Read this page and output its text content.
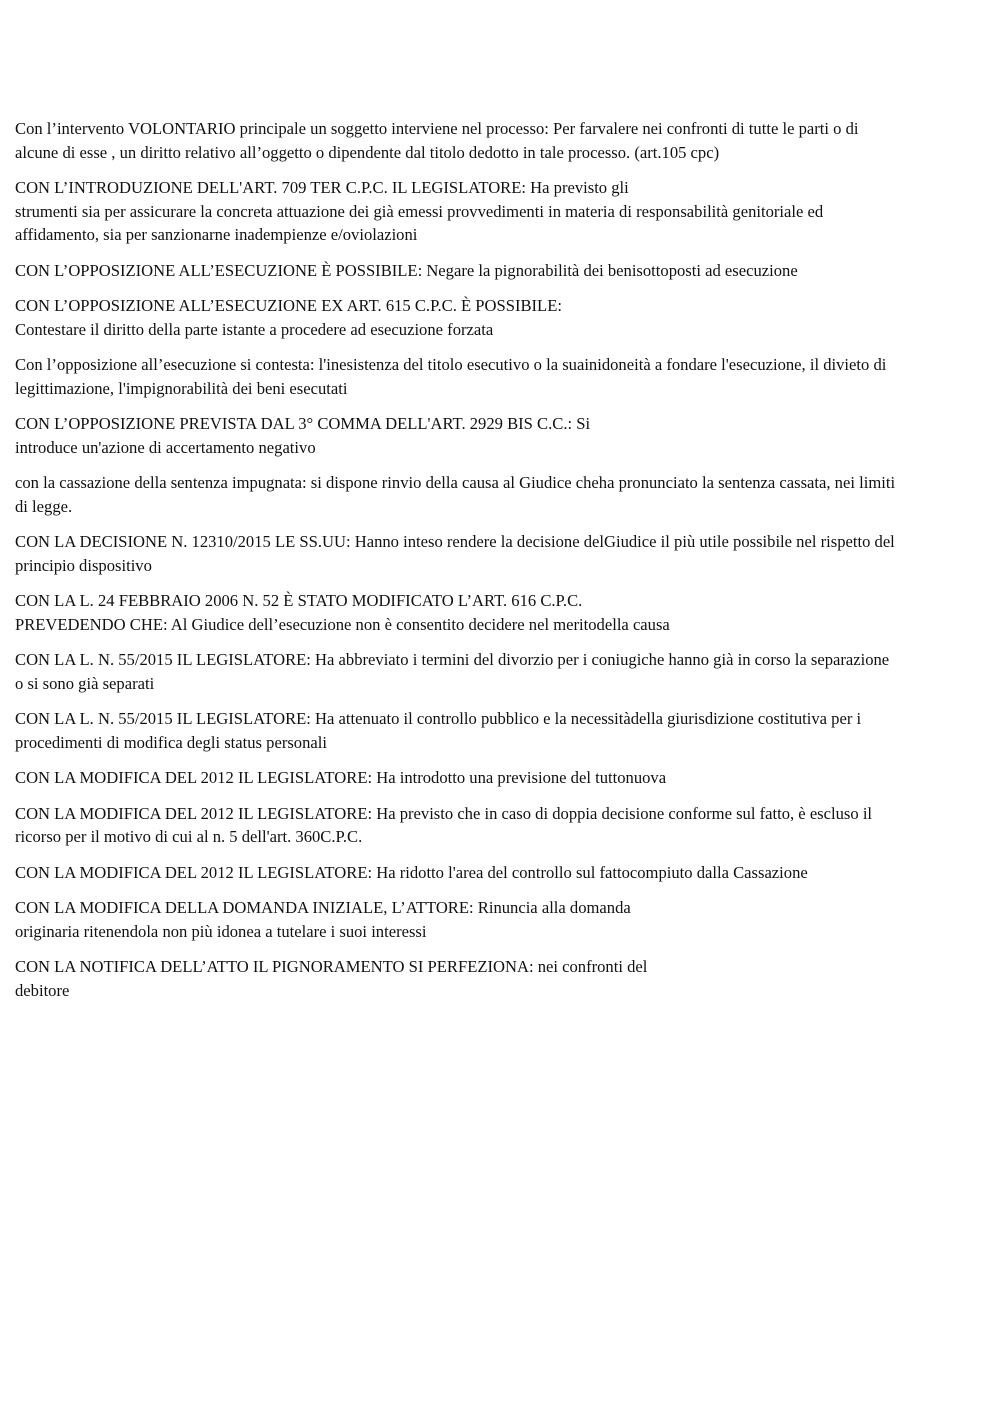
Con l’intervento VOLONTARIO principale un soggetto interviene nel processo: Per farvalere nei confronti di tutte le parti o di
alcune di esse , un diritto relativo all’oggetto o dipendente dal titolo dedotto in tale processo. (art.105 cpc)

CON L’INTRODUZIONE DELL'ART. 709 TER C.P.C. IL LEGISLATORE: Ha previsto gli
strumenti sia per assicurare la concreta attuazione dei già emessi provvedimenti in materia di responsabilità genitoriale ed
affidamento, sia per sanzionarne inadempienze e/oviolazioni

CON L’OPPOSIZIONE ALL’ESECUZIONE È POSSIBILE: Negare la pignorabilità dei benisottoposti ad esecuzione

CON L’OPPOSIZIONE ALL’ESECUZIONE EX ART. 615 C.P.C. È POSSIBILE:
Contestare il diritto della parte istante a procedere ad esecuzione forzata

Con l’opposizione all’esecuzione si contesta: l'inesistenza del titolo esecutivo o la suainidoneità a fondare l'esecuzione, il divieto di
legittimazione, l'impignorabilità dei beni esecutati

CON L’OPPOSIZIONE PREVISTA DAL 3° COMMA DELL'ART. 2929 BIS C.C.: Si
introduce un'azione di accertamento negativo

con la cassazione della sentenza impugnata: si dispone rinvio della causa al Giudice cheha pronunciato la sentenza cassata, nei limiti
di legge.

CON LA DECISIONE N. 12310/2015 LE SS.UU: Hanno inteso rendere la decisione delGiudice il più utile possibile nel rispetto del
principio dispositivo

CON LA L. 24 FEBBRAIO 2006 N. 52 È STATO MODIFICATO L’ART. 616 C.P.C.
PREVEDENDO CHE: Al Giudice dell’esecuzione non è consentito decidere nel meritodella causa

CON LA L. N. 55/2015 IL LEGISLATORE: Ha abbreviato i termini del divorzio per i coniugiche hanno già in corso la separazione
o si sono già separati

CON LA L. N. 55/2015 IL LEGISLATORE: Ha attenuato il controllo pubblico e la necessitàdella giurisdizione costitutiva per i
procedimenti di modifica degli status personali

CON LA MODIFICA DEL 2012 IL LEGISLATORE: Ha introdotto una previsione del tuttonuova

CON LA MODIFICA DEL 2012 IL LEGISLATORE: Ha previsto che in caso di doppia decisione conforme sul fatto, è escluso il
ricorso per il motivo di cui al n. 5 dell'art. 360C.P.C.

CON LA MODIFICA DEL 2012 IL LEGISLATORE: Ha ridotto l'area del controllo sul fattocompiuto dalla Cassazione

CON LA MODIFICA DELLA DOMANDA INIZIALE, L’ATTORE: Rinuncia alla domanda
originaria ritenendola non più idonea a tutelare i suoi interessi

CON LA NOTIFICA DELL’ATTO IL PIGNORAMENTO SI PERFEZIONA: nei confronti del
debitore
